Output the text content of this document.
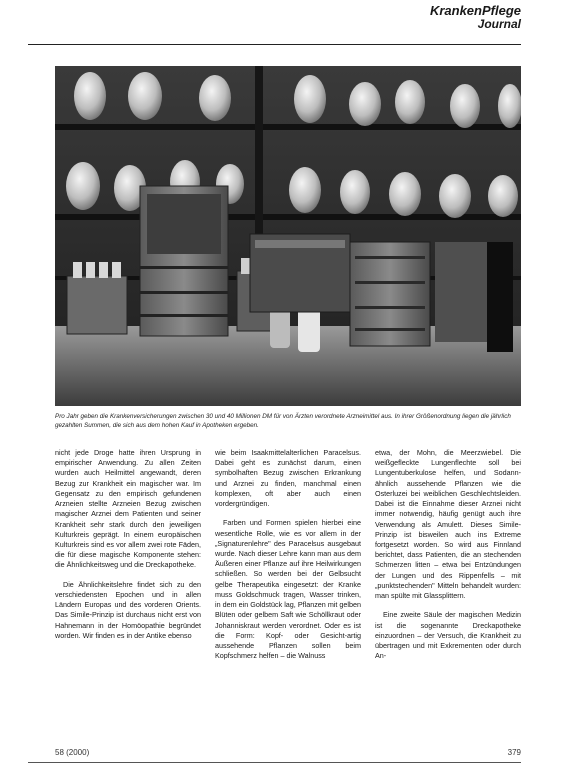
KrankenPflege
Journal
Pro Jahr geben die Krankenversicherungen zwischen 30 und 40 Millionen DM für von Ärzten verordnete Arzneimittel aus. In ihrer Größenordnung liegen die jährlich gezahlten Summen, die sich aus dem hohen Kauf in Apotheken ergeben.

nicht jede Droge hatte ihren Ursprung in empirischer Anwendung. Zu allen Zeiten wurden auch Heilmittel angewandt, deren Bezug zur Krankheit ein magischer war. Im Gegensatz zu den empirisch gefundenen Arzneien stellte Arzneien Bezug zwischen magischer Arznei dem Patienten und seiner Krankheit sehr stark durch den jeweiligen Kulturkreis geprägt. In einem europäischen Kulturkreis sind es vor allem zwei rote Fäden, die für diese magische Komponente stehen: die Ähnlichkeitsweg und die Dreckapotheke.

Die Ähnlichkeitslehre findet sich zu den verschiedensten Epochen und in allen Ländern Europas und des vorderen Orients. Das Simile-Prinzip ist durchaus nicht erst von Hahnemann in der Homöopathie begründet worden. Wir finden es in der Antike ebenso

wie beim Isaakmittelalterlichen Paracelsus. Dabei geht es zunächst darum, einen symbolhaften Bezug zwischen Erkrankung und Arznei zu finden, manchmal einen komplexen, oft aber auch einen vordergründigen.

Farben und Formen spielen hierbei eine wesentliche Rolle, wie es vor allem in der „Signaturenlehre" des Paracelsus ausgebaut wurde. Nach dieser Lehre kann man aus dem Äußeren einer Pflanze auf ihre Heilwirkungen schließen. So werden bei der Gelbsucht gelbe Therapeutika eingesetzt: der Kranke muss Goldschmuck tragen, Wasser trinken, in dem ein Goldstück lag, Pflanzen mit gelben Blüten oder gelbem Saft wie Schöllkraut oder Johanniskraut werden verordnet. Oder es ist die Form: Kopf- oder Gesicht-artig aussehende Pflanzen sollen beim Kopfschmerz helfen – die Walnuss

etwa, der Mohn, die Meerzwiebel. Die weißgefleckte Lungenflechte soll bei Lungentuberkulose helfen, und Sodann-ähnlich aussehende Pflanzen wie die Osterluzei bei weiblichen Geschlechtsleiden. Dabei ist die Einnahme dieser Arznei nicht immer notwendig, häufig genügt auch ihre Verwendung als Amulett. Dieses Simile-Prinzip ist bisweilen auch ins Extreme fortgesetzt worden. So wird aus Finnland berichtet, dass Patienten, die an stechenden Schmerzen litten – etwa bei Entzündungen der Lungen und des Rippenfells – mit „punktstechenden" Mitteln behandelt wurden: man spülte mit Glassplittern.

Eine zweite Säule der magischen Medizin ist die sogenannte Dreckapotheke einzuordnen – der Versuch, die Krankheit zu übertragen und mit Exkrementen oder durch An-

58 (2000)	379
